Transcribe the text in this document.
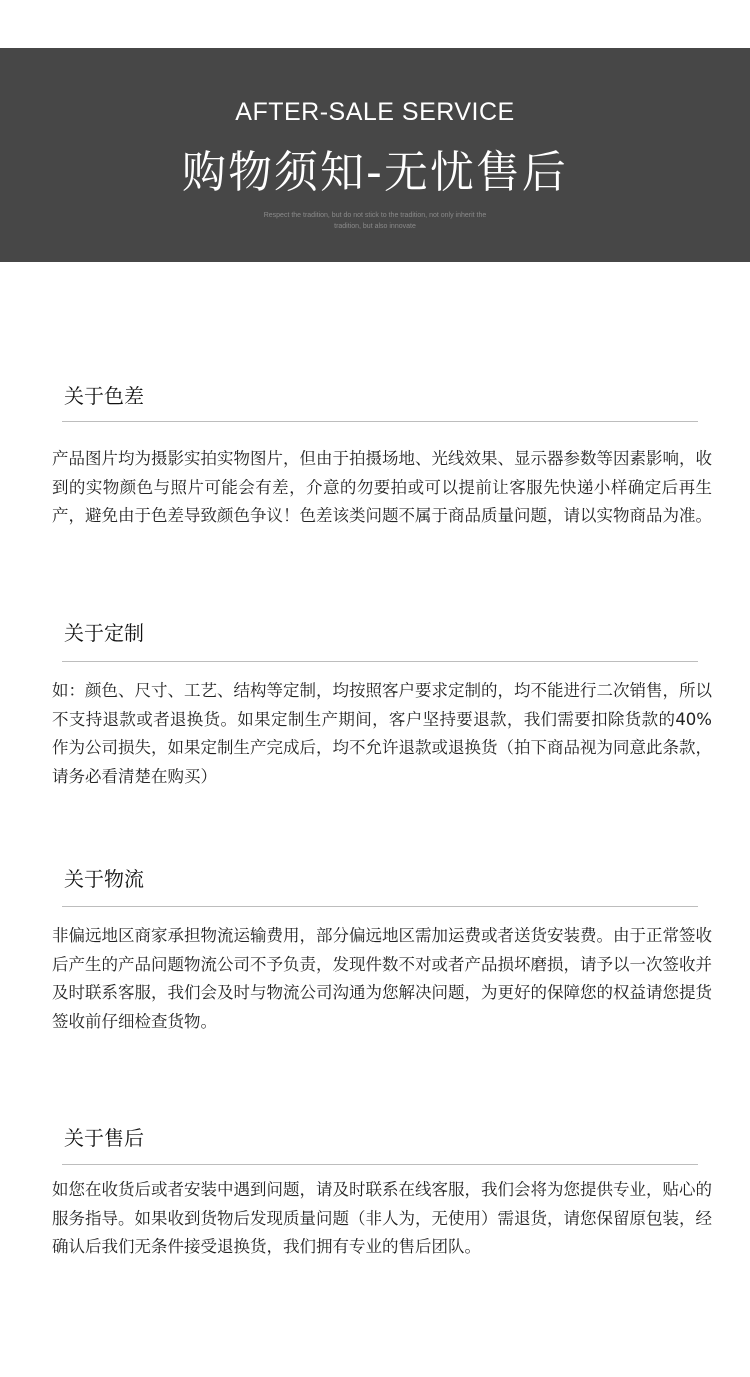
AFTER-SALE SERVICE
购物须知-无忧售后
Respect the tradition, but do not stick to the tradition, not only inherit the tradition, but also innovate
关于色差
产品图片均为摄影实拍实物图片，但由于拍摄场地、光线效果、显示器参数等因素影响，收到的实物颜色与照片可能会有差，介意的勿要拍或可以提前让客服先快递小样确定后再生产，避免由于色差导致颜色争议！色差该类问题不属于商品质量问题，请以实物商品为准。
关于定制
如：颜色、尺寸、工艺、结构等定制，均按照客户要求定制的，均不能进行二次销售，所以不支持退款或者退换货。如果定制生产期间，客户坚持要退款，我们需要扣除货款的40%作为公司损失，如果定制生产完成后，均不允许退款或退换货（拍下商品视为同意此条款，请务必看清楚在购买）
关于物流
非偏远地区商家承担物流运输费用，部分偏远地区需加运费或者送货安装费。由于正常签收后产生的产品问题物流公司不予负责，发现件数不对或者产品损坏磨损，请予以一次签收并及时联系客服，我们会及时与物流公司沟通为您解决问题，为更好的保障您的权益请您提货签收前仔细检查货物。
关于售后
如您在收货后或者安装中遇到问题，请及时联系在线客服，我们会将为您提供专业，贴心的服务指导。如果收到货物后发现质量问题（非人为，无使用）需退货，请您保留原包装，经确认后我们无条件接受退换货，我们拥有专业的售后团队。
